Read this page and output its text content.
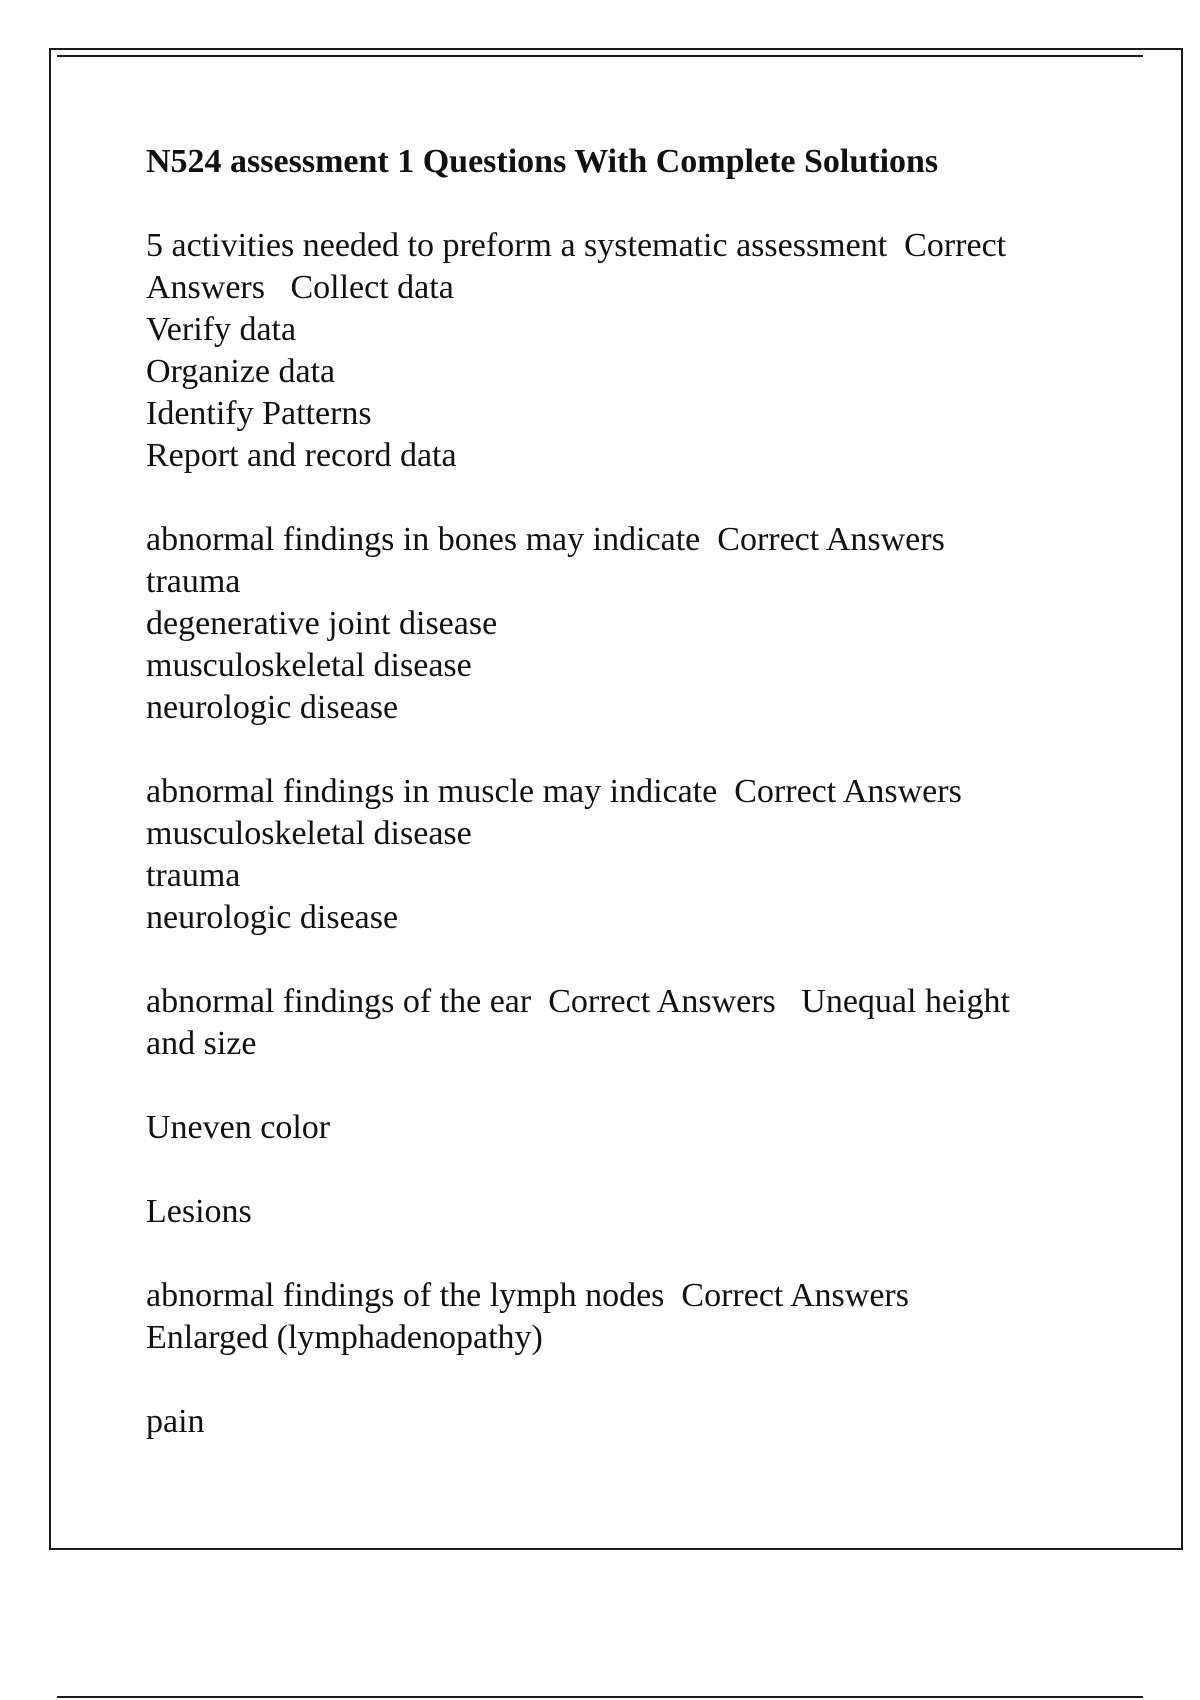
N524 assessment 1 Questions With Complete Solutions
5 activities needed to preform a systematic assessment  Correct
Answers   Collect data
Verify data
Organize data
Identify Patterns
Report and record data
abnormal findings in bones may indicate  Correct Answers
trauma
degenerative joint disease
musculoskeletal disease
neurologic disease
abnormal findings in muscle may indicate  Correct Answers
musculoskeletal disease
trauma
neurologic disease
abnormal findings of the ear  Correct Answers   Unequal height
and size
Uneven color
Lesions
abnormal findings of the lymph nodes  Correct Answers
Enlarged (lymphadenopathy)
pain
